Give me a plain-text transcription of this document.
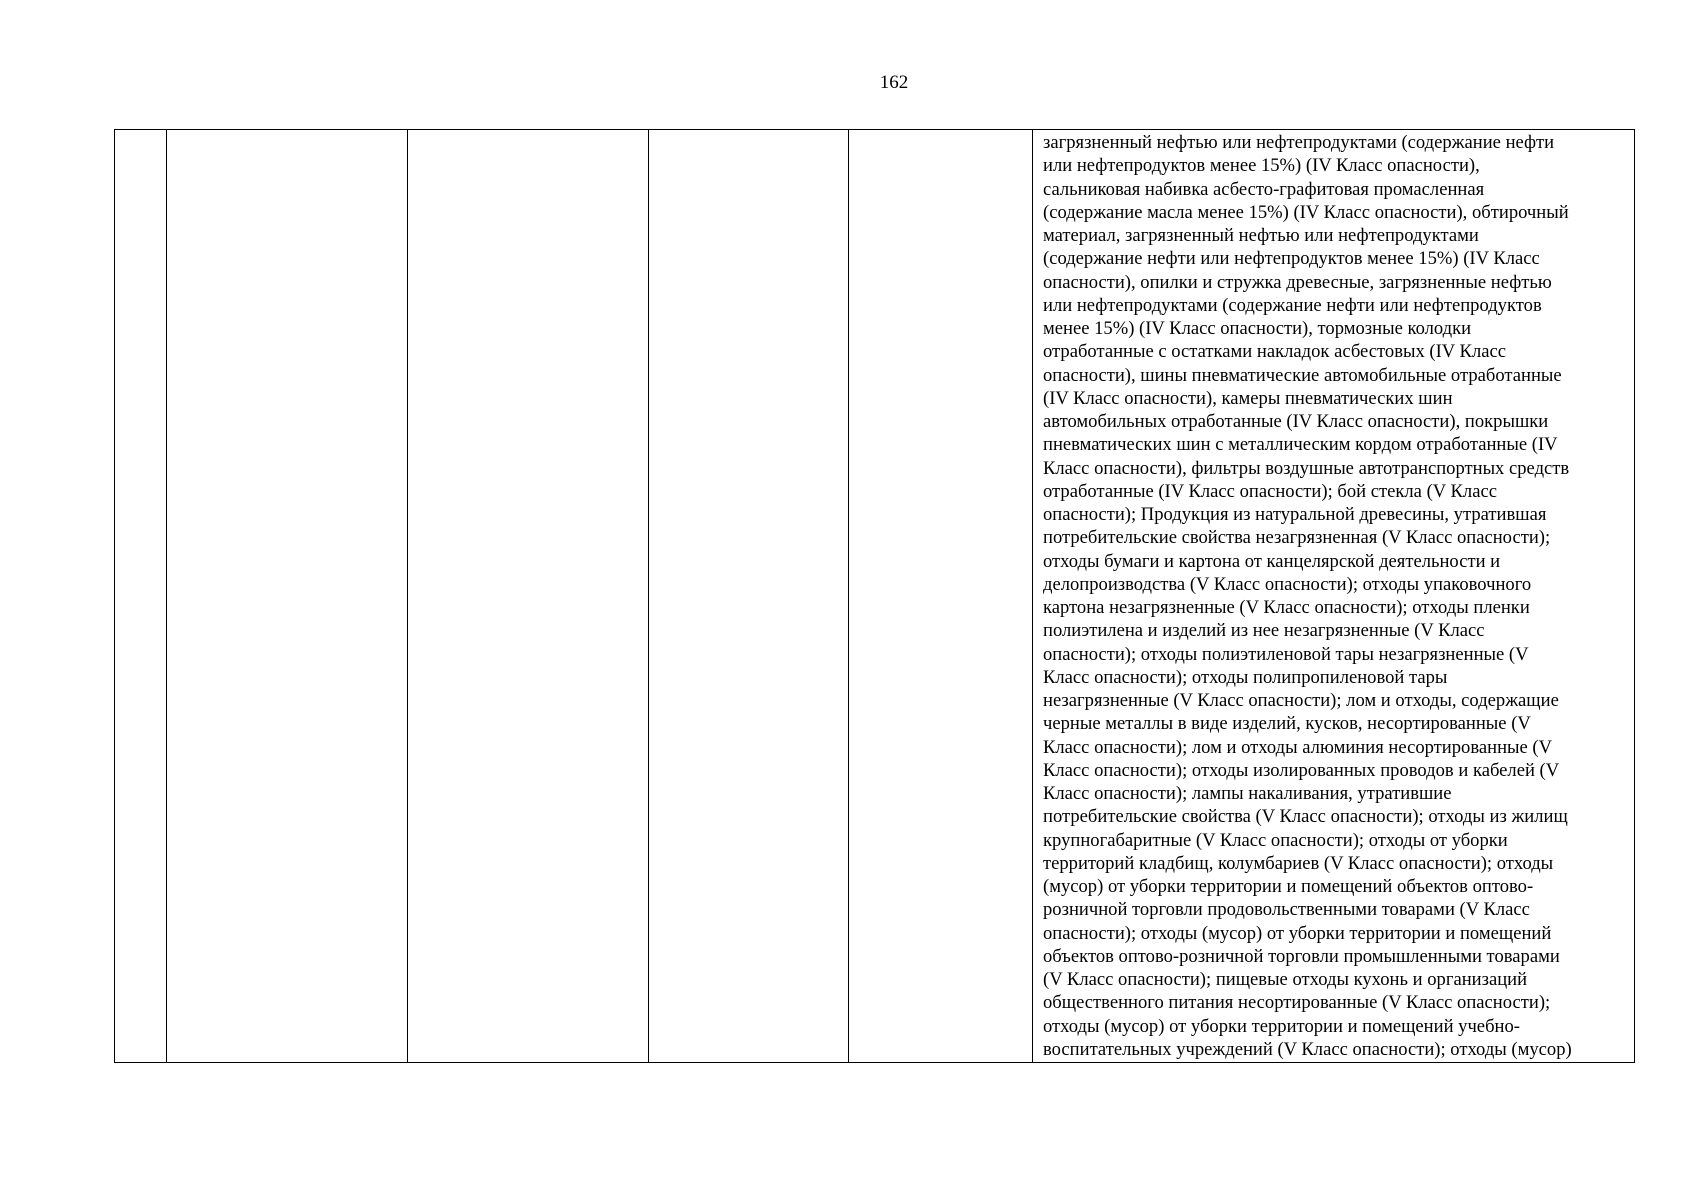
162

загрязненный нефтью или нефтепродуктами (содержание нефти
или нефтепродуктов менее 15%) (IV Класс опасности),
сальниковая набивка асбесто-графитовая промасленная
(содержание масла менее 15%) (IV Класс опасности), обтирочный
материал, загрязненный нефтью или нефтепродуктами
(содержание нефти или нефтепродуктов менее 15%) (IV Класс
опасности), опилки и стружка древесные, загрязненные нефтью
или нефтепродуктами (содержание нефти или нефтепродуктов
менее 15%) (IV Класс опасности), тормозные колодки
отработанные с остатками накладок асбестовых (IV Класс
опасности), шины пневматические автомобильные отработанные
(IV Класс опасности), камеры пневматических шин
автомобильных отработанные (IV Класс опасности), покрышки
пневматических шин с металлическим кордом отработанные (IV
Класс опасности), фильтры воздушные автотранспортных средств
отработанные (IV Класс опасности); бой стекла (V Класс
опасности); Продукция из натуральной древесины, утратившая
потребительские свойства незагрязненная (V Класс опасности);
отходы бумаги и картона от канцелярской деятельности и
делопроизводства (V Класс опасности); отходы упаковочного
картона незагрязненные (V Класс опасности); отходы пленки
полиэтилена и изделий из нее незагрязненные (V Класс
опасности); отходы полиэтиленовой тары незагрязненные (V
Класс опасности); отходы полипропиленовой тары
незагрязненные (V Класс опасности); лом и отходы, содержащие
черные металлы в виде изделий, кусков, несортированные (V
Класс опасности); лом и отходы алюминия несортированные (V
Класс опасности); отходы изолированных проводов и кабелей (V
Класс опасности); лампы накаливания, утратившие
потребительские свойства (V Класс опасности); отходы из жилищ
крупногабаритные (V Класс опасности); отходы от уборки
территорий кладбищ, колумбариев (V Класс опасности); отходы
(мусор) от уборки территории и помещений объектов оптово-
розничной торговли продовольственными товарами (V Класс
опасности); отходы (мусор) от уборки территории и помещений
объектов оптово-розничной торговли промышленными товарами
(V Класс опасности); пищевые отходы кухонь и организаций
общественного питания несортированные (V Класс опасности);
отходы (мусор) от уборки территории и помещений учебно-
воспитательных учреждений (V Класс опасности); отходы (мусор)
